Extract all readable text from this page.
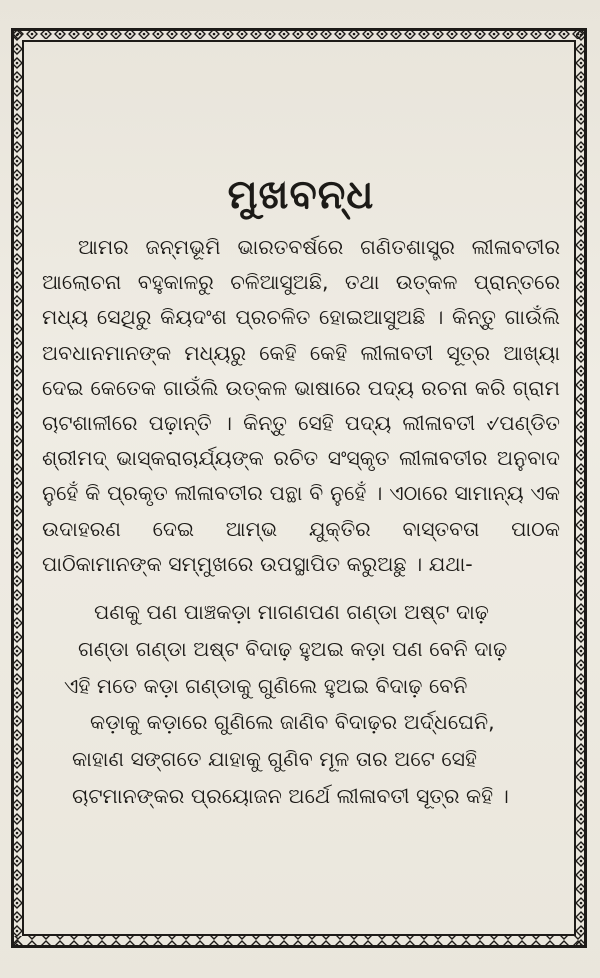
ମୁଖବନ୍ଧ

ଆମର ଜନ୍ମଭୂମି ଭାରତବର୍ଷରେ ଗଣିତଶାସ୍ତ୍ର ଲୀଳାବତୀର ଆଲୋଚନା ବହୁକାଳରୁ ଚଳିଆସୁଅଛି, ତଥା ଉତ୍କଳ ପ୍ରାନ୍ତରେ ମଧ୍ୟ ସେଥିରୁ କିୟଦଂଶ ପ୍ରଚଳିତ ହୋଇଆସୁଅଛି । କିନ୍ତୁ ଗାଉଁଲି ଅବଧାନମାନଙ୍କ ମଧ୍ୟରୁ କେହି କେହି ଲୀଳାବତୀ ସୂତ୍ର ଆଖ୍ୟା ଦେଇ କେତେକ ଗାଉଁଲି ଉତ୍କଳ ଭାଷାରେ ପଦ୍ୟ ରଚନା କରି ଗ୍ରାମ ଚାଟଶାଳୀରେ ପଢ଼ାନ୍ତି । କିନ୍ତୁ ସେହି ପଦ୍ୟ ଲୀଳାବତୀ ୰ପଣ୍ଡିତ ଶ୍ରୀମଦ୍ ଭାସ୍କରାଚାର୍ଯ୍ୟଙ୍କ ରଚିତ ସଂସ୍କୃତ ଲୀଳାବତୀର ଅନୁବାଦ ନୁହେଁ କି ପ୍ରକୃତ ଲୀଳାବତୀର ପନ୍ଥା ବି ନୁହେଁ । ଏଠାରେ ସାମାନ୍ୟ ଏକ ଉଦାହରଣ ଦେଇ ଆମ୍ଭ ଯୁକ୍ତିର ବାସ୍ତବତା ପାଠକ ପାଠିକାମାନଙ୍କ ସମ୍ମୁଖରେ ଉପସ୍ଥାପିତ କରୁଅଛୁ । ଯଥା-

ପଣକୁ ପଣ ପାଞ୍ଚକଡ଼ା ମାଗଣପଣ ଗଣ୍ଡା ଅଷ୍ଟ ଦାଢ଼
ଗଣ୍ଡା ଗଣ୍ଡା ଅଷ୍ଟ ବିଦାଢ଼ ହୁଅଇ କଡ଼ା ପଣ ବେନି ଦାଢ଼
ଏହି ମତେ କଡ଼ା ଗଣ୍ଡାକୁ ଗୁଣିଲେ ହୁଅଇ ବିଦାଢ଼ ବେନି
କଡ଼ାକୁ କଡ଼ାରେ ଗୁଣିଲେ ଜାଣିବ ବିଦାଢ଼ର ଅର୍ଦ୍ଧଘେନି,
କାହାଣ ସଙ୍ଗତେ ଯାହାକୁ ଗୁଣିବ ମୂଳ ତାର ଅଟେ ସେହି
ଚାଟମାନଙ୍କର ପ୍ରୟୋଜନ ଅର୍ଥେ ଲୀଳାବତୀ ସୂତ୍ର କହି ।
